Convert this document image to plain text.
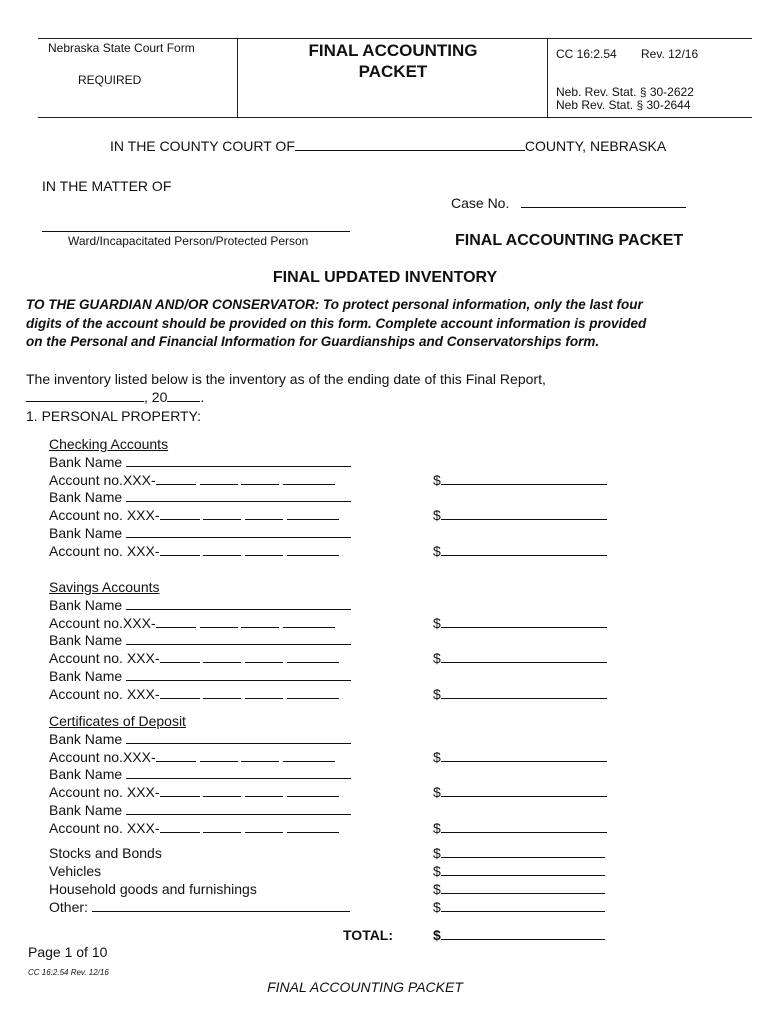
Nebraska State Court Form
REQUIRED
FINAL ACCOUNTING
PACKET
CC 16:2.54 Rev. 12/16
Neb. Rev. Stat. § 30-2622
Neb Rev. Stat. § 30-2644
IN THE COUNTY COURT OF	COUNTY, NEBRASKA
IN THE MATTER OF
Case No.
Ward/Incapacitated Person/Protected Person	FINAL ACCOUNTING PACKET
FINAL UPDATED INVENTORY
TO THE GUARDIAN AND/OR CONSERVATOR: To protect personal information, only the last four
digits of the account should be provided on this form. Complete account information is provided
on the Personal and Financial Information for Guardianships and Conservatorships form.
The inventory listed below is the inventory as of the ending date of this Final Report,
, 20 .
1. PERSONAL PROPERTY:
Checking Accounts
Bank Name
Account no.XXX-	$
Bank Name
Account no. XXX-	$
Bank Name
Account no. XXX-	$
Savings Accounts
Bank Name
Account no.XXX-	$
Bank Name
Account no. XXX-	$
Bank Name
Account no. XXX-	$
Certificates of Deposit
Bank Name
Account no.XXX-	$
Bank Name
Account no. XXX-	$
Bank Name
Account no. XXX-	$
Stocks and Bonds	$
Vehicles	$
Household goods and furnishings	$
Other:	$
TOTAL:	$
Page 1 of 10
CC 16:2.54 Rev. 12/16
FINAL ACCOUNTING PACKET
